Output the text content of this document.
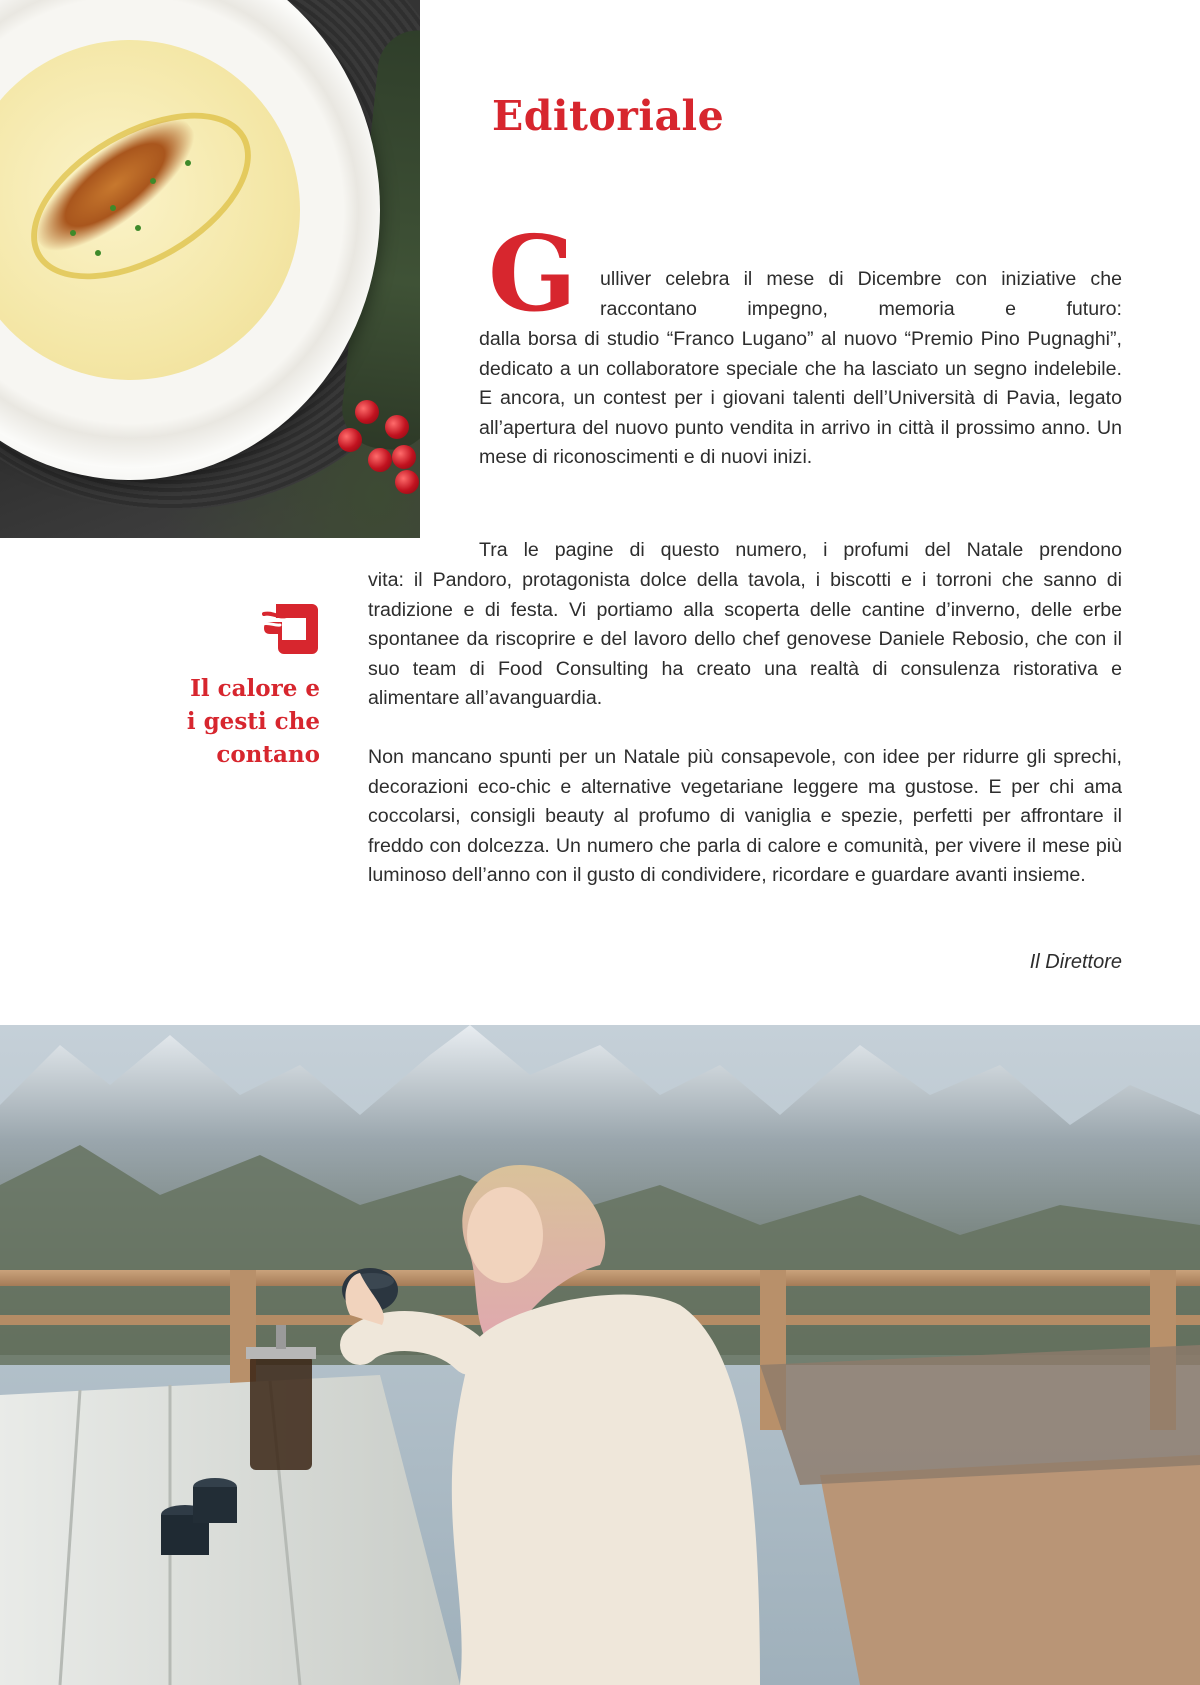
Editoriale
G ulliver celebra il mese di Dicembre con iniziative che raccontano impegno, memoria e futuro:

dalla borsa di studio “Franco Lugano” al nuovo “Premio Pino Pugnaghi”, dedicato a un collaboratore speciale che ha lasciato un segno indelebile. E ancora, un contest per i giovani talenti dell’Università di Pavia, legato all’apertura del nuovo punto vendita in arrivo in città il prossimo anno. Un mese di riconoscimenti e di nuovi inizi.

Tra le pagine di questo numero, i profumi del Natale prendono

vita: il Pandoro, protagonista dolce della tavola, i biscotti e i torroni che sanno di tradizione e di festa. Vi portiamo alla scoperta delle cantine d’inverno, delle erbe spontanee da riscoprire e del lavoro dello chef genovese Daniele Rebosio, che con il suo team di Food Consulting ha creato una realtà di consulenza ristorativa e alimentare all’avanguardia.

Non mancano spunti per un Natale più consapevole, con idee per ridurre gli sprechi, decorazioni eco-chic e alternative vegetariane leggere ma gustose. E per chi ama coccolarsi, consigli beauty al profumo di vaniglia e spezie, perfetti per affrontare il freddo con dolcezza. Un numero che parla di calore e comunità, per vivere il mese più luminoso dell’anno con il gusto di condividere, ricordare e guardare avanti insieme.

Il Direttore

Il calore e
i gesti che
contano
